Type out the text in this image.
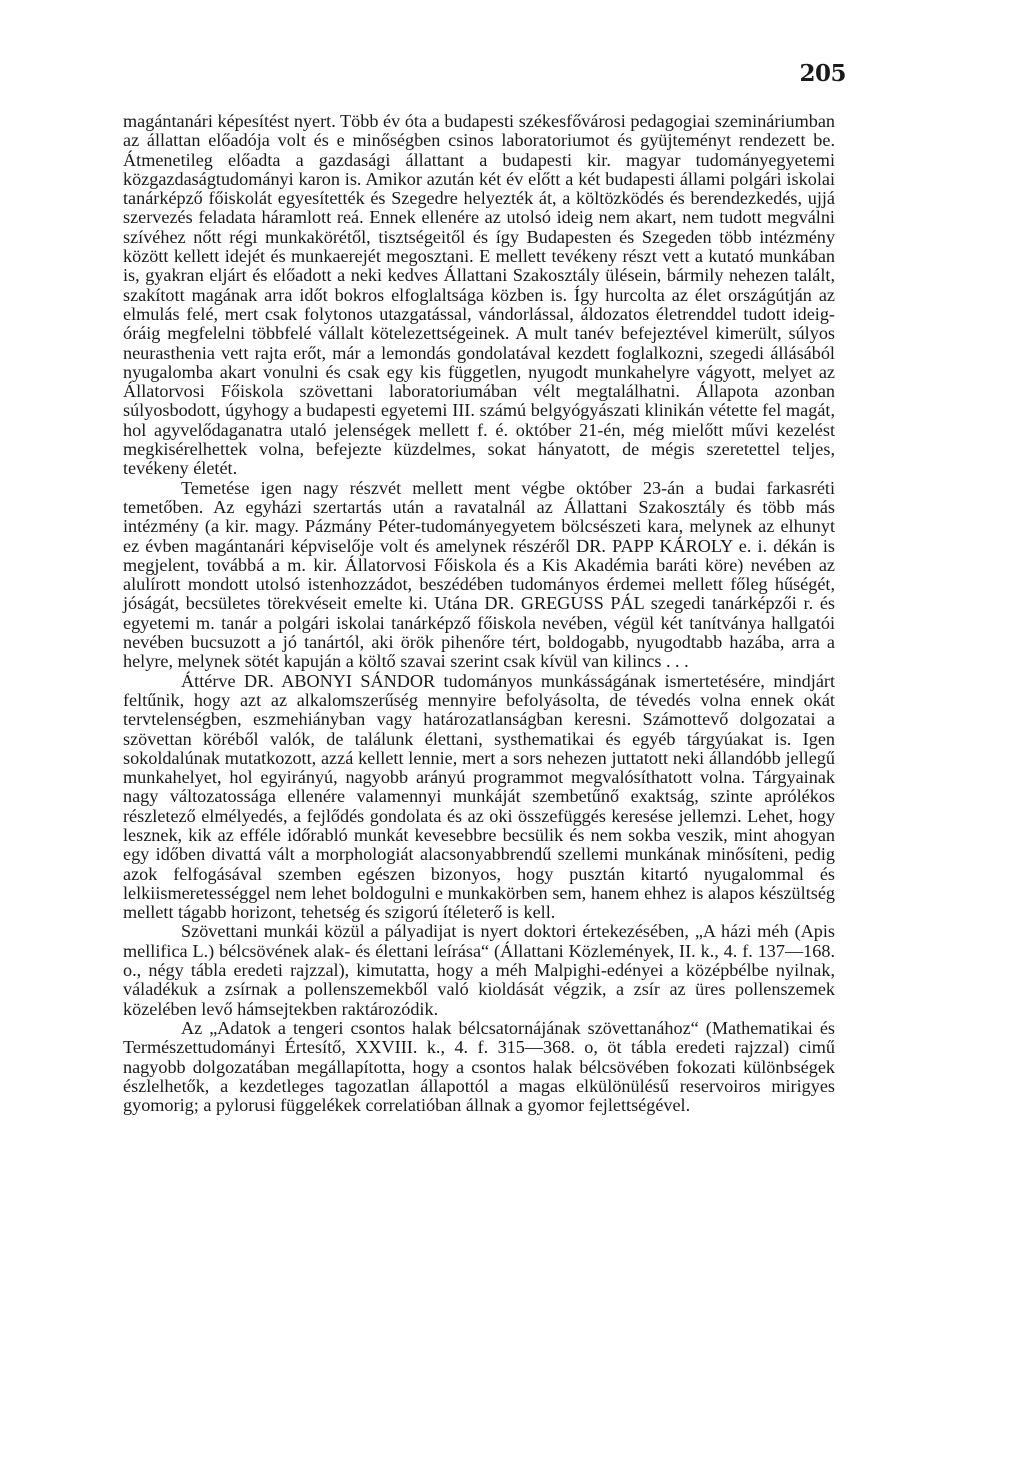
205

magántanári képesítést nyert. Több év óta a budapesti székesfővárosi pedagogiai szemináriumban az állattan előadója volt és e minőségben csinos laboratoriumot és gyüjteményt rendezett be. Átmenetileg előadta a gazdasági állattant a budapesti kir. magyar tudományegyetemi közgazdaságtudományi karon is. Amikor azután két év előtt a két budapesti állami polgári iskolai tanárképző főiskolát egyesítették és Szegedre helyezték át, a költözködés és berendezkedés, ujjá szervezés feladata háramlott reá. Ennek ellenére az utolsó ideig nem akart, nem tudott megválni szívéhez nőtt régi munkakörétől, tisztségeitől és így Budapesten és Szegeden több intézmény között kellett idejét és munkaerejét megosztani. E mellett tevékeny részt vett a kutató munkában is, gyakran eljárt és előadott a neki kedves Állattani Szakosztály ülésein, bármily nehezen talált, szakított magának arra időt bokros elfoglaltsága közben is. Így hurcolta az élet országútján az elmulás felé, mert csak folytonos utazgatással, vándorlással, áldozatos életrenddel tudott ideig-óráig megfelelni többfelé vállalt kötelezettségeinek. A mult tanév befejeztével kimerült, súlyos neurasthenia vett rajta erőt, már a lemondás gondolatával kezdett foglalkozni, szegedi állásából nyugalomba akart vonulni és csak egy kis független, nyugodt munkahelyre vágyott, melyet az Állatorvosi Főiskola szövettani laboratoriumában vélt megtalálhatni. Állapota azonban súlyosbodott, úgyhogy a budapesti egyetemi III. számú belgyógyászati klinikán vétette fel magát, hol agyvelődaganatra utaló jelenségek mellett f. é. október 21-én, még mielőtt művi kezelést megkisérelhettek volna, befejezte küzdelmes, sokat hányatott, de mégis szeretettel teljes, tevékeny életét.

Temetése igen nagy részvét mellett ment végbe október 23-án a budai farkasréti temetőben. Az egyházi szertartás után a ravatalnál az Állattani Szakosztály és több más intézmény (a kir. magy. Pázmány Péter-tudományegyetem bölcsészeti kara, melynek az elhunyt ez évben magántanári képviselője volt és amelynek részéről DR. PAPP KÁROLY e. i. dékán is megjelent, továbbá a m. kir. Állatorvosi Főiskola és a Kis Akadémia baráti köre) nevében az alulírott mondott utolsó istenhozzádot, beszédében tudományos érdemei mellett főleg hűségét, jóságát, becsületes törekvéseit emelte ki. Utána DR. GREGUSS PÁL szegedi tanárképzői r. és egyetemi m. tanár a polgári iskolai tanárképző főiskola nevében, végül két tanítványa hallgatói nevében bucsuzott a jó tanártól, aki örök pihenőre tért, boldogabb, nyugodtabb hazába, arra a helyre, melynek sötét kapuján a költő szavai szerint csak kívül van kilincs . . .

Áttérve DR. ABONYI SÁNDOR tudományos munkásságának ismertetésére, mindjárt feltűnik, hogy azt az alkalomszerűség mennyire befolyásolta, de tévedés volna ennek okát tervtelenségben, eszmehiányban vagy határozatlanságban keresni. Számottevő dolgozatai a szövettan köréből valók, de találunk élettani, systhematikai és egyéb tárgyúakat is. Igen sokoldalúnak mutatkozott, azzá kellett lennie, mert a sors nehezen juttatott neki állandóbb jellegű munkahelyet, hol egyirányú, nagyobb arányú programmot megvalósíthatott volna. Tárgyainak nagy változatossága ellenére valamennyi munkáját szembetűnő exaktság, szinte aprólékos részletező elmélyedés, a fejlődés gondolata és az oki összefüggés keresése jellemzi. Lehet, hogy lesznek, kik az efféle időrabló munkát kevesebbre becsülik és nem sokba veszik, mint ahogyan egy időben divattá vált a morphologiát alacsonyabbrendű szellemi munkának minősíteni, pedig azok felfogásával szemben egészen bizonyos, hogy pusztán kitartó nyugalommal és lelkiismeretességgel nem lehet boldogulni e munkakörben sem, hanem ehhez is alapos készültség mellett tágabb horizont, tehetség és szigorú ítéleterő is kell.

Szövettani munkái közül a pályadijat is nyert doktori értekezésében, „A házi méh (Apis mellifica L.) bélcsövének alak- és élettani leírása“ (Állattani Közlemények, II. k., 4. f. 137—168. o., négy tábla eredeti rajzzal), kimutatta, hogy a méh Malpighi-edényei a középbélbe nyilnak, váladékuk a zsírnak a pollenszemekből való kioldását végzik, a zsír az üres pollenszemek közelében levő hámsejtekben raktározódik.

Az „Adatok a tengeri csontos halak bélcsatornájának szövettanához“ (Mathematikai és Természettudományi Értesítő, XXVIII. k., 4. f. 315—368. o, öt tábla eredeti rajzzal) cimű nagyobb dolgozatában megállapította, hogy a csontos halak bélcsövében fokozati különbségek észlelhetők, a kezdetleges tagozatlan állapottól a magas elkülönülésű reservoiros mirigyes gyomorig; a pylorusi függelékek correlatióban állnak a gyomor fejlettségével.
